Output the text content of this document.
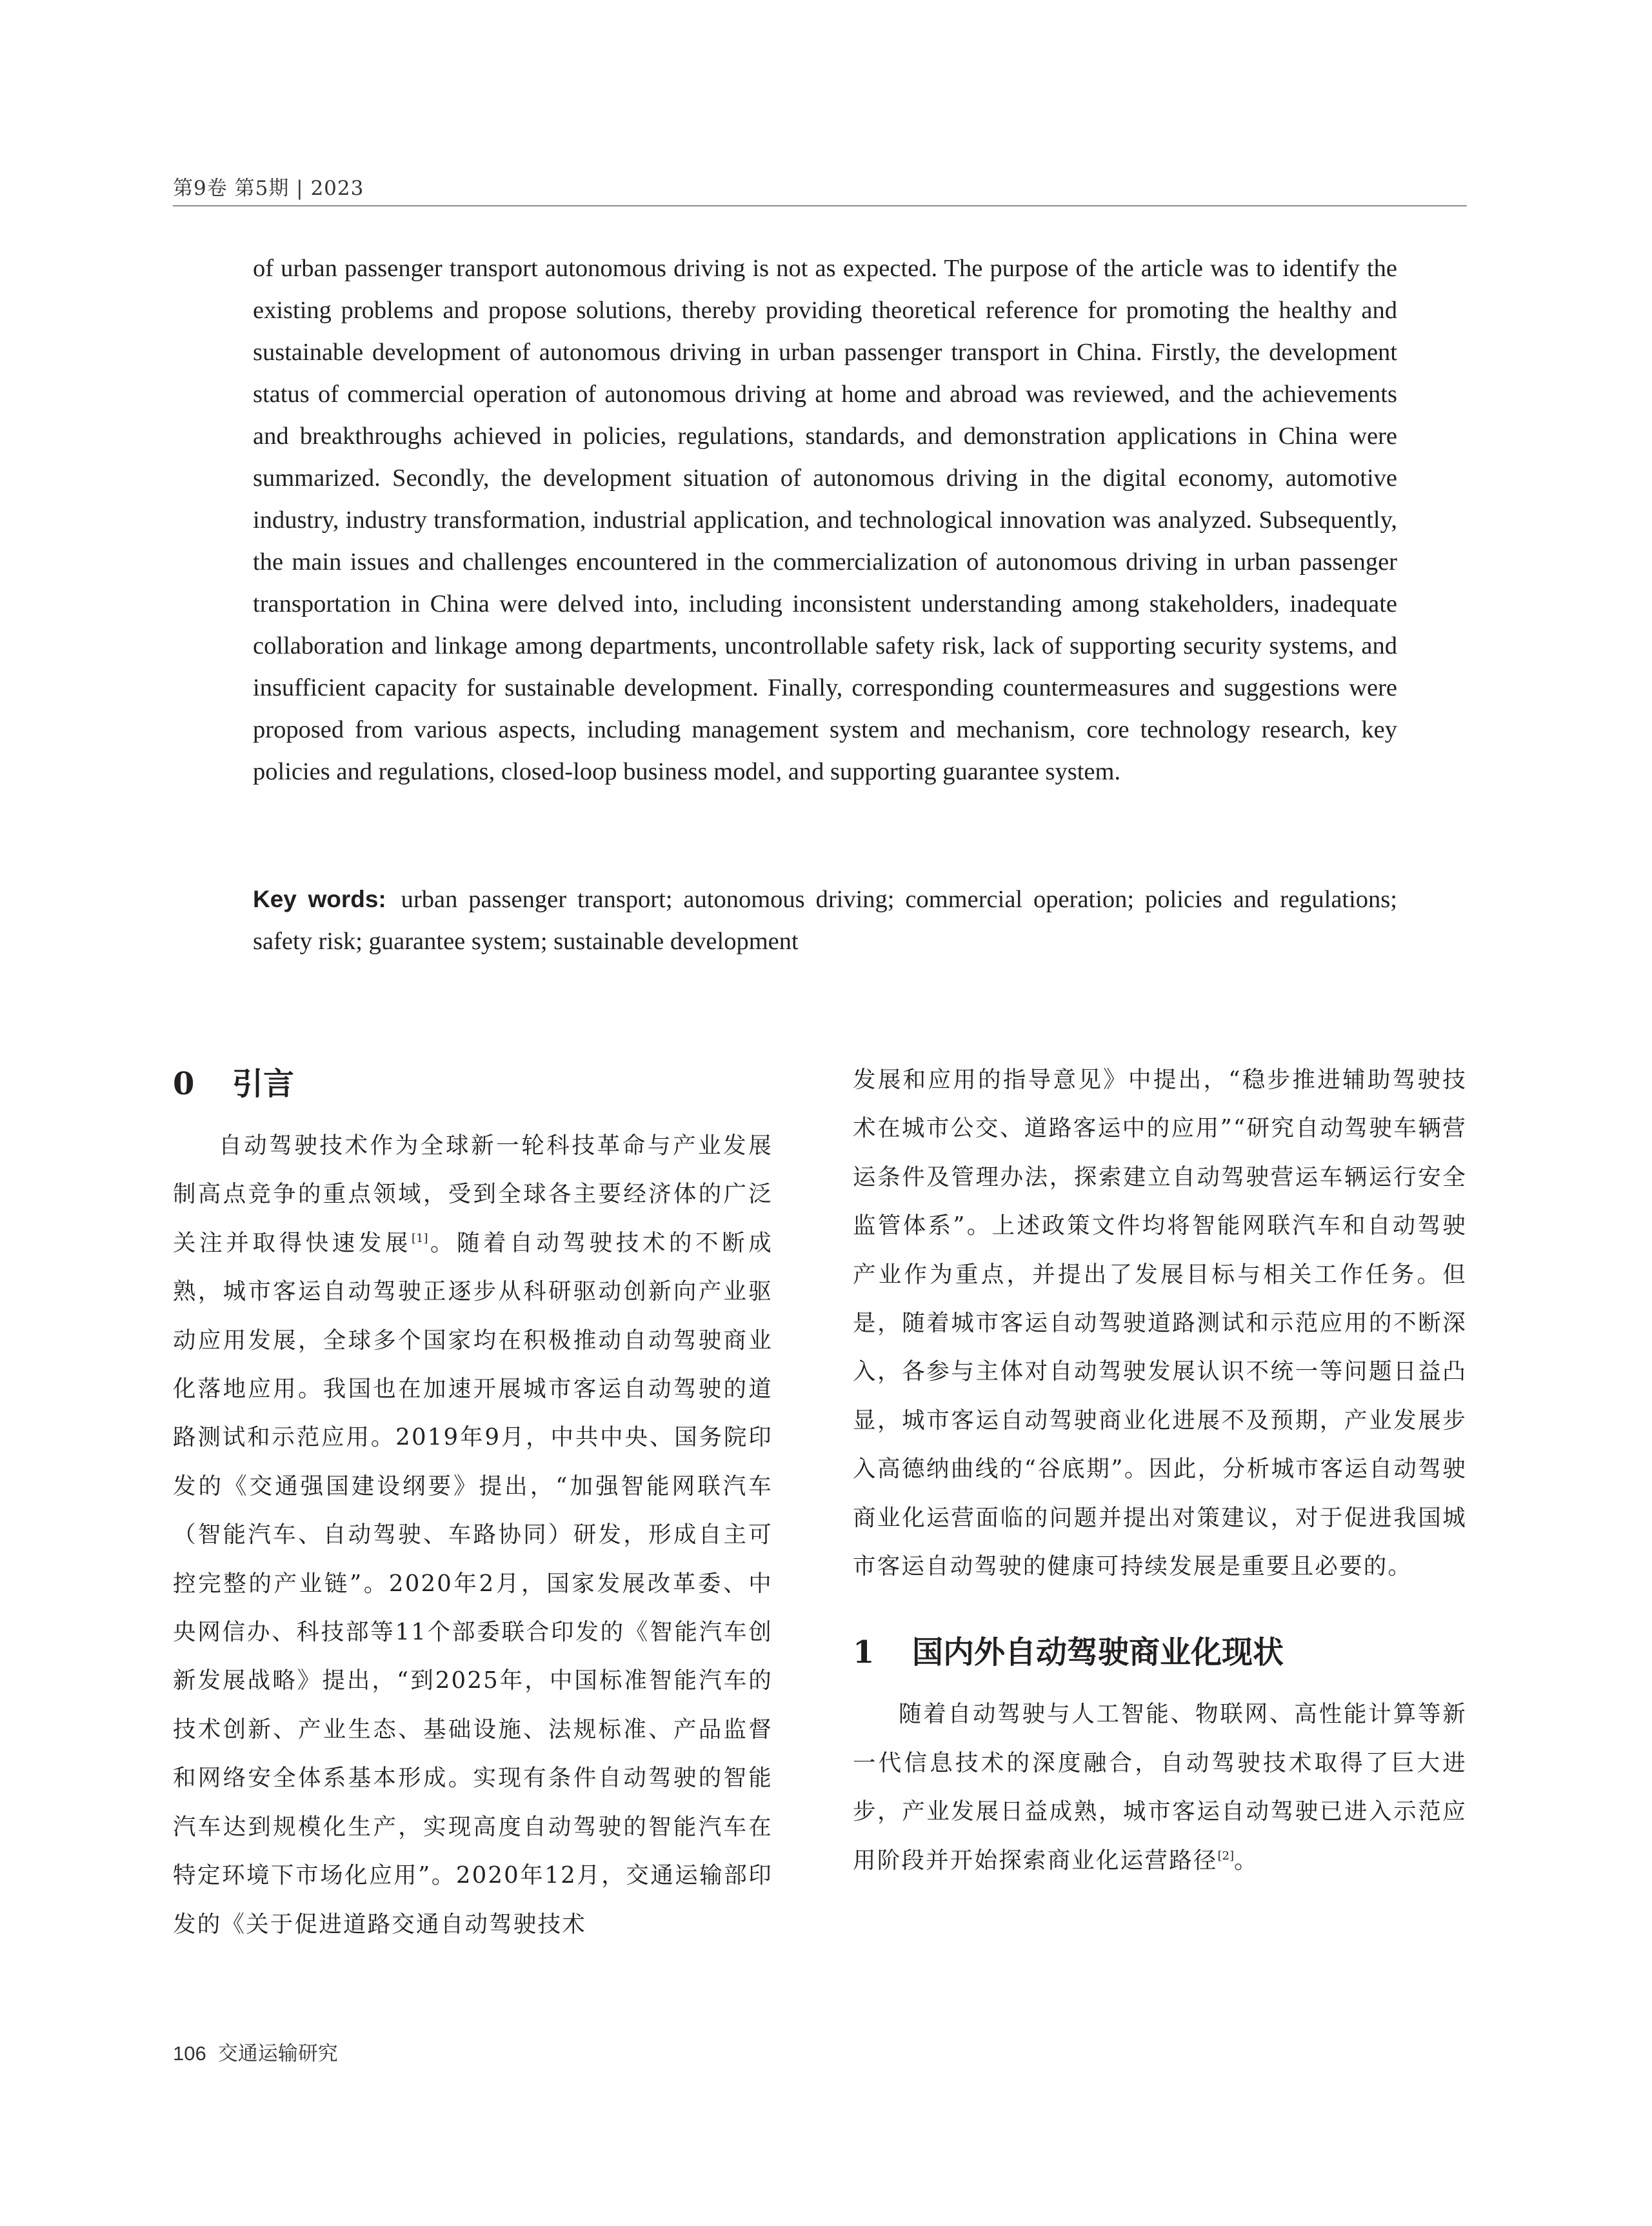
第9卷 第5期 | 2023

of urban passenger transport autonomous driving is not as expected. The purpose of the article was to identify the existing problems and propose solutions, thereby providing theoretical reference for promoting the healthy and sustainable development of autonomous driving in urban passenger transport in China. Firstly, the development status of commercial operation of autonomous driving at home and abroad was reviewed, and the achievements and breakthroughs achieved in policies, regulations, standards, and demonstration applications in China were summarized. Secondly, the development situation of autonomous driving in the digital economy, automotive industry, industry transformation, industrial application, and technological innovation was analyzed. Subsequently, the main issues and challenges encountered in the commercialization of autonomous driving in urban passenger transportation in China were delved into, including inconsistent understanding among stakeholders, inadequate collaboration and linkage among departments, uncontrollable safety risk, lack of supporting security systems, and insufficient capacity for sustainable development. Finally, corresponding countermeasures and suggestions were proposed from various aspects, including management system and mechanism, core technology research, key policies and regulations, closed-loop business model, and supporting guarantee system.

Key words: urban passenger transport; autonomous driving; commercial operation; policies and regulations; safety risk; guarantee system; sustainable development

0 引言

自动驾驶技术作为全球新一轮科技革命与产业发展制高点竞争的重点领域，受到全球各主要经济体的广泛关注并取得快速发展[1]。随着自动驾驶技术的不断成熟，城市客运自动驾驶正逐步从科研驱动创新向产业驱动应用发展，全球多个国家均在积极推动自动驾驶商业化落地应用。我国也在加速开展城市客运自动驾驶的道路测试和示范应用。2019年9月，中共中央、国务院印发的《交通强国建设纲要》提出，“加强智能网联汽车（智能汽车、自动驾驶、车路协同）研发，形成自主可控完整的产业链”。2020年2月，国家发展改革委、中央网信办、科技部等11个部委联合印发的《智能汽车创新发展战略》提出，“到2025年，中国标准智能汽车的技术创新、产业生态、基础设施、法规标准、产品监督和网络安全体系基本形成。实现有条件自动驾驶的智能汽车达到规模化生产，实现高度自动驾驶的智能汽车在特定环境下市场化应用”。2020年12月，交通运输部印发的《关于促进道路交通自动驾驶技术

发展和应用的指导意见》中提出，“稳步推进辅助驾驶技术在城市公交、道路客运中的应用”“研究自动驾驶车辆营运条件及管理办法，探索建立自动驾驶营运车辆运行安全监管体系”。上述政策文件均将智能网联汽车和自动驾驶产业作为重点，并提出了发展目标与相关工作任务。但是，随着城市客运自动驾驶道路测试和示范应用的不断深入，各参与主体对自动驾驶发展认识不统一等问题日益凸显，城市客运自动驾驶商业化进展不及预期，产业发展步入高德纳曲线的“谷底期”。因此，分析城市客运自动驾驶商业化运营面临的问题并提出对策建议，对于促进我国城市客运自动驾驶的健康可持续发展是重要且必要的。

1 国内外自动驾驶商业化现状

随着自动驾驶与人工智能、物联网、高性能计算等新一代信息技术的深度融合，自动驾驶技术取得了巨大进步，产业发展日益成熟，城市客运自动驾驶已进入示范应用阶段并开始探索商业化运营路径[2]。

106 交通运输研究
